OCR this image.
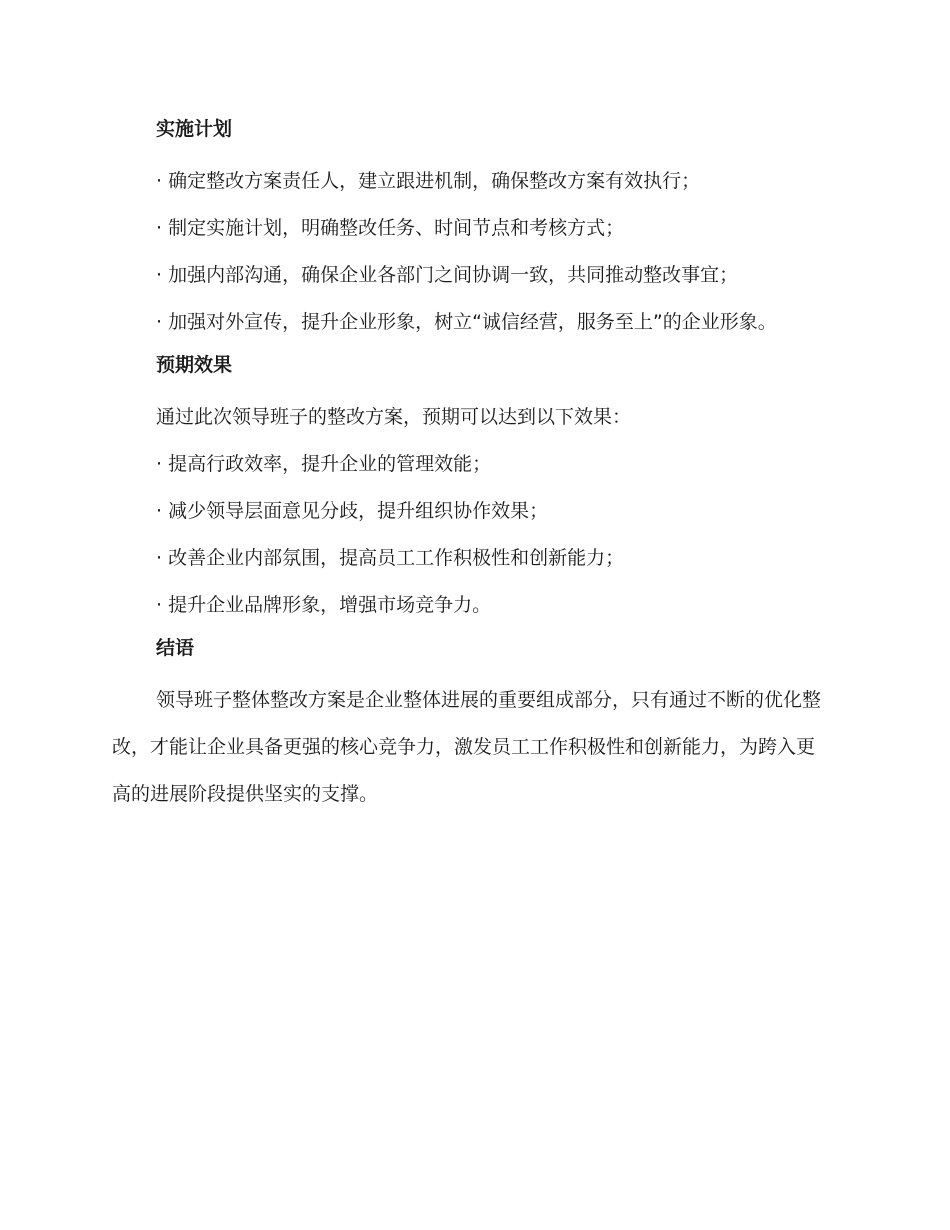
实施计划

· 确定整改方案责任人，建立跟进机制，确保整改方案有效执行；

· 制定实施计划，明确整改任务、时间节点和考核方式；

· 加强内部沟通，确保企业各部门之间协调一致，共同推动整改事宜；

· 加强对外宣传，提升企业形象，树立“诚信经营，服务至上”的企业形象。

预期效果

通过此次领导班子的整改方案，预期可以达到以下效果：

· 提高行政效率，提升企业的管理效能；

· 减少领导层面意见分歧，提升组织协作效果；

· 改善企业内部氛围，提高员工工作积极性和创新能力；

· 提升企业品牌形象，增强市场竞争力。

结语

领导班子整体整改方案是企业整体进展的重要组成部分，只有通过不断的优化整改，才能让企业具备更强的核心竞争力，激发员工工作积极性和创新能力，为跨入更高的进展阶段提供坚实的支撑。
